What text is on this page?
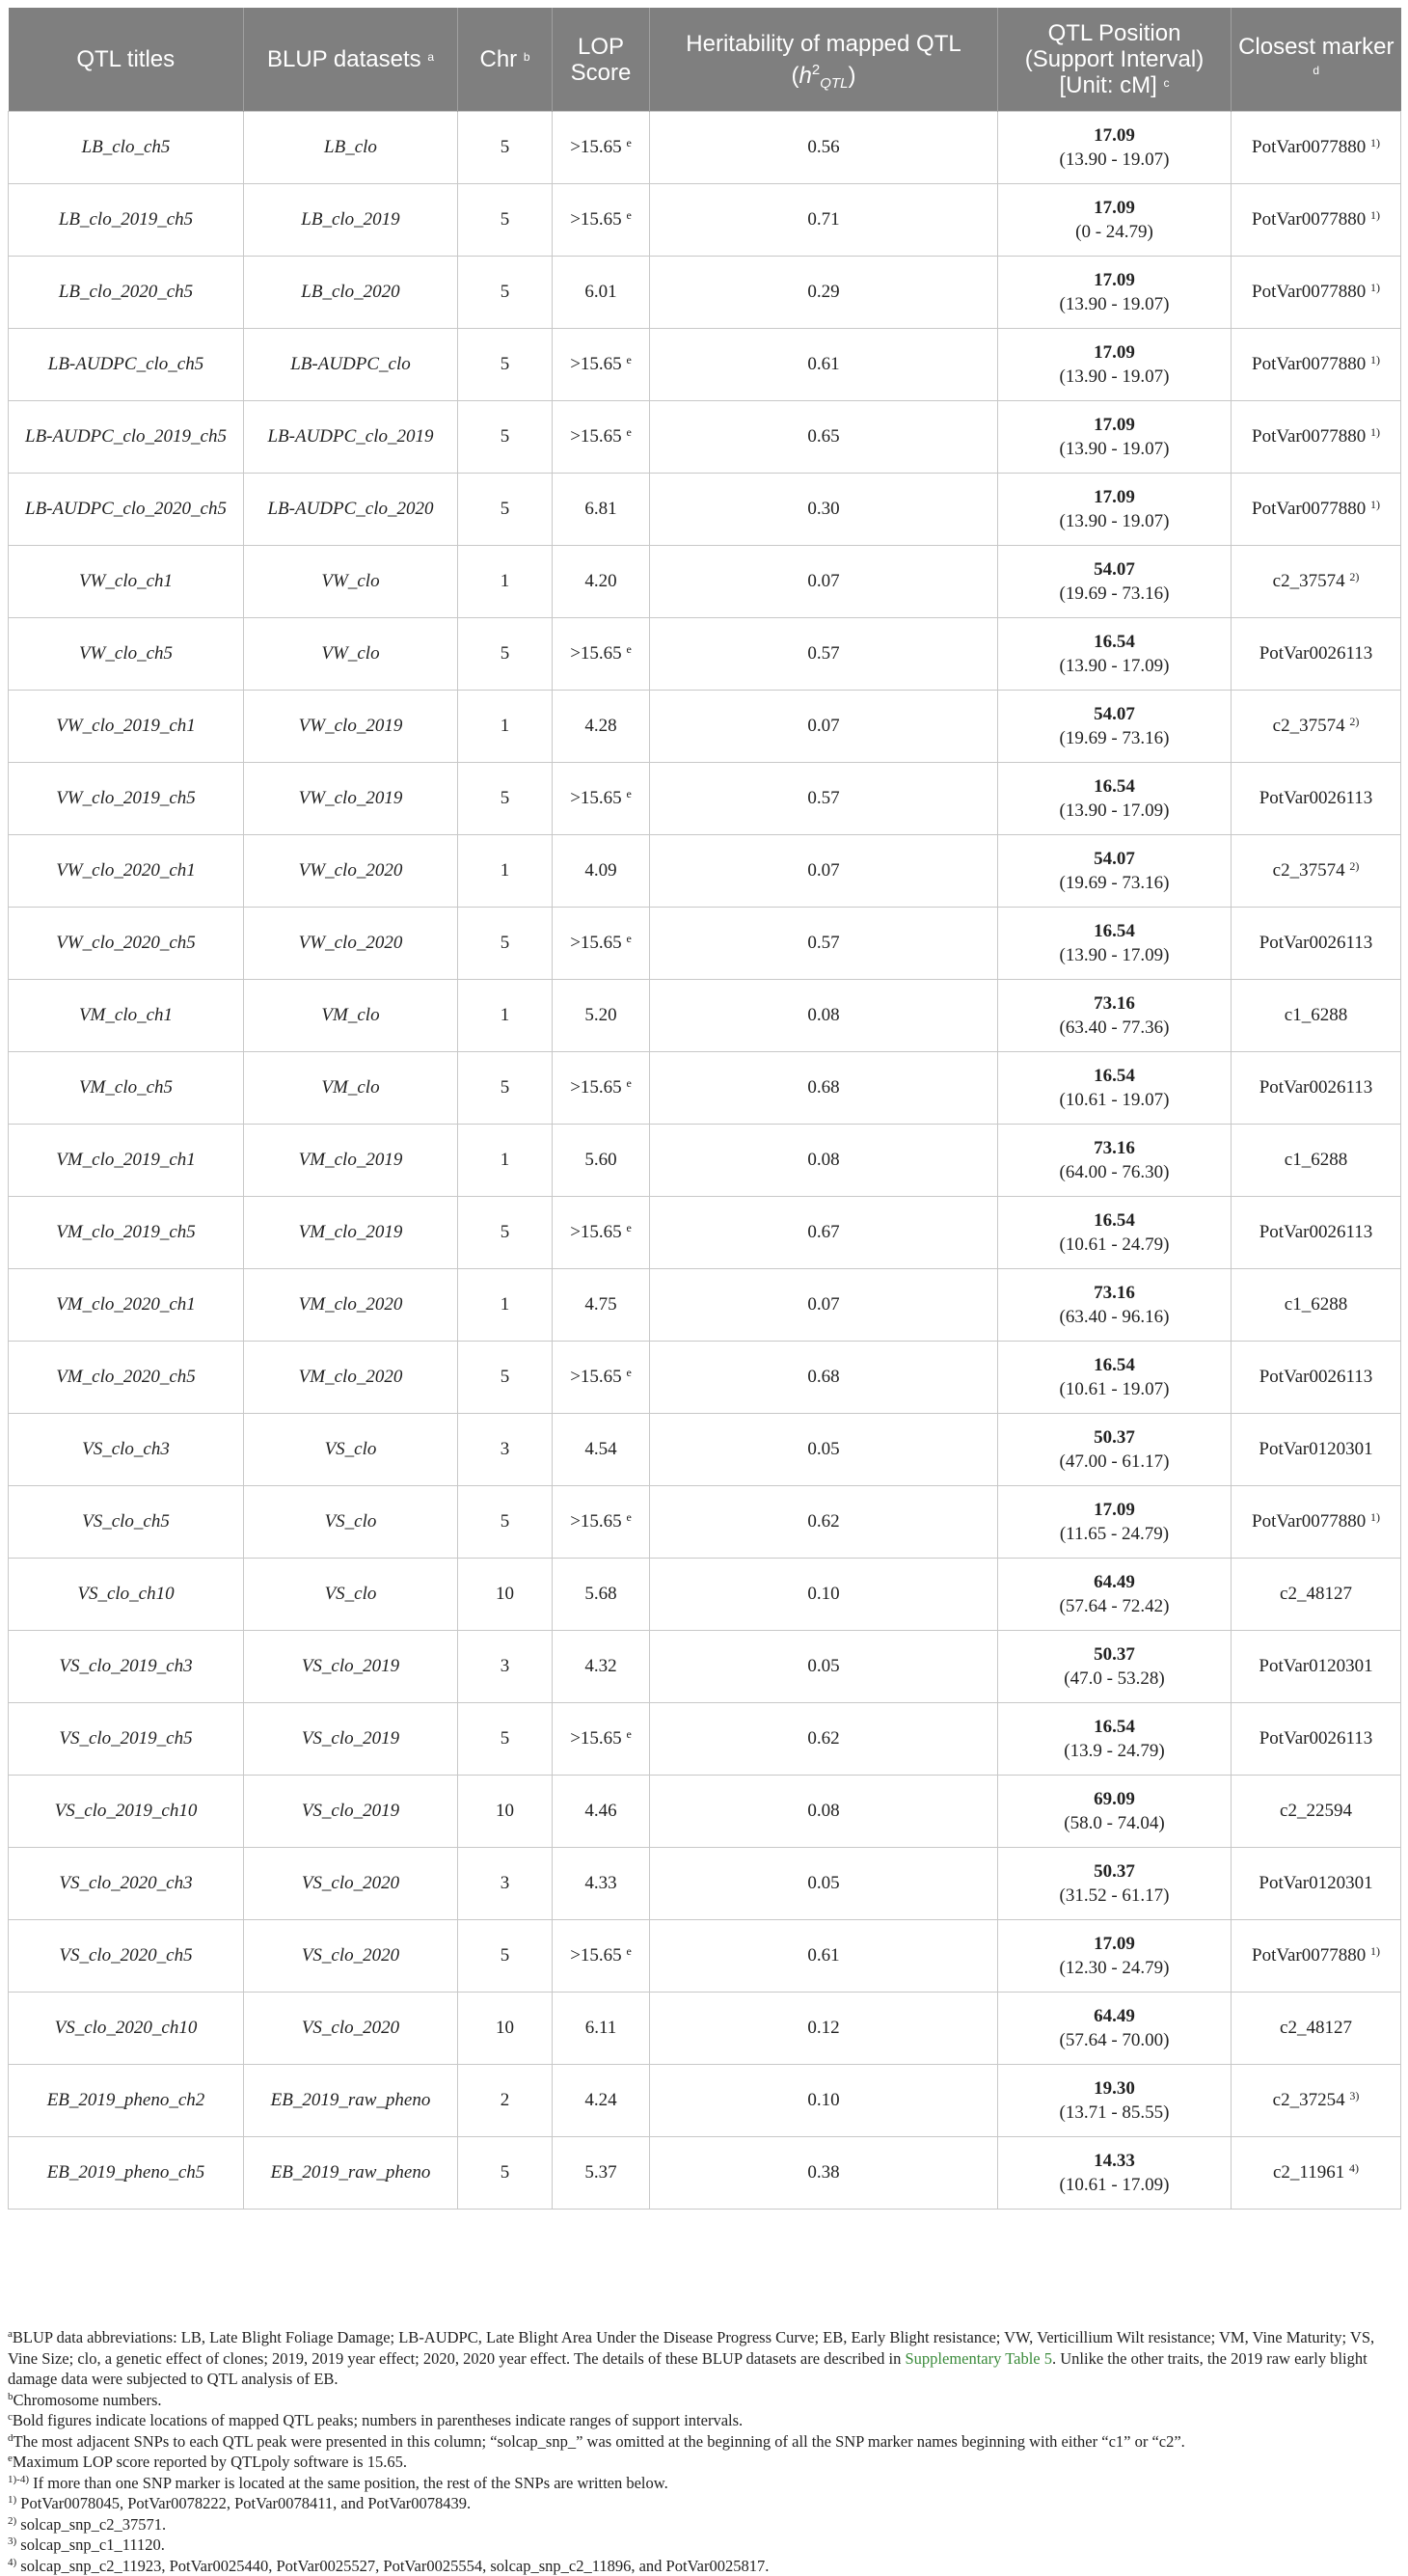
QTL titles	BLUP datasets $^a$	Chr $^b$	LOP Score	Heritability of mapped QTL
$(h^2_{QTL})$	QTL Position
(Support Interval)
[Unit: cM] $^c$	Closest marker $^d$
LB_clo_ch5	LB_clo	5	>15.65 $^e$	0.56	17.09
(13.90 - 19.07)	PotVar0077880 $^{1)}$
LB_clo_2019_ch5	LB_clo_2019	5	>15.65 $^e$	0.71	17.09
(0 - 24.79)	PotVar0077880 $^{1)}$
LB_clo_2020_ch5	LB_clo_2020	5	6.01	0.29	17.09
(13.90 - 19.07)	PotVar0077880 $^{1)}$
LB-AUDPC_clo_ch5	LB-AUDPC_clo	5	>15.65 $^e$	0.61	17.09
(13.90 - 19.07)	PotVar0077880 $^{1)}$
LB-AUDPC_clo_2019_ch5	LB-AUDPC_clo_2019	5	>15.65 $^e$	0.65	17.09
(13.90 - 19.07)	PotVar0077880 $^{1)}$
LB-AUDPC_clo_2020_ch5	LB-AUDPC_clo_2020	5	6.81	0.30	17.09
(13.90 - 19.07)	PotVar0077880 $^{1)}$
VW_clo_ch1	VW_clo	1	4.20	0.07	54.07
(19.69 - 73.16)	c2_37574 $^{2)}$
VW_clo_ch5	VW_clo	5	>15.65 $^e$	0.57	16.54
(13.90 - 17.09)	PotVar0026113
VW_clo_2019_ch1	VW_clo_2019	1	4.28	0.07	54.07
(19.69 - 73.16)	c2_37574 $^{2)}$
VW_clo_2019_ch5	VW_clo_2019	5	>15.65 $^e$	0.57	16.54
(13.90 - 17.09)	PotVar0026113
VW_clo_2020_ch1	VW_clo_2020	1	4.09	0.07	54.07
(19.69 - 73.16)	c2_37574 $^{2)}$
VW_clo_2020_ch5	VW_clo_2020	5	>15.65 $^e$	0.57	16.54
(13.90 - 17.09)	PotVar0026113
VM_clo_ch1	VM_clo	1	5.20	0.08	73.16
(63.40 - 77.36)	c1_6288
VM_clo_ch5	VM_clo	5	>15.65 $^e$	0.68	16.54
(10.61 - 19.07)	PotVar0026113
VM_clo_2019_ch1	VM_clo_2019	1	5.60	0.08	73.16
(64.00 - 76.30)	c1_6288
VM_clo_2019_ch5	VM_clo_2019	5	>15.65 $^e$	0.67	16.54
(10.61 - 24.79)	PotVar0026113
VM_clo_2020_ch1	VM_clo_2020	1	4.75	0.07	73.16
(63.40 - 96.16)	c1_6288
VM_clo_2020_ch5	VM_clo_2020	5	>15.65 $^e$	0.68	16.54
(10.61 - 19.07)	PotVar0026113
VS_clo_ch3	VS_clo	3	4.54	0.05	50.37
(47.00 - 61.17)	PotVar0120301
VS_clo_ch5	VS_clo	5	>15.65 $^e$	0.62	17.09
(11.65 - 24.79)	PotVar0077880 $^{1)}$
VS_clo_ch10	VS_clo	10	5.68	0.10	64.49
(57.64 - 72.42)	c2_48127
VS_clo_2019_ch3	VS_clo_2019	3	4.32	0.05	50.37
(47.0 - 53.28)	PotVar0120301
VS_clo_2019_ch5	VS_clo_2019	5	>15.65 $^e$	0.62	16.54
(13.9 - 24.79)	PotVar0026113
VS_clo_2019_ch10	VS_clo_2019	10	4.46	0.08	69.09
(58.0 - 74.04)	c2_22594
VS_clo_2020_ch3	VS_clo_2020	3	4.33	0.05	50.37
(31.52 - 61.17)	PotVar0120301
VS_clo_2020_ch5	VS_clo_2020	5	>15.65 $^e$	0.61	17.09
(12.30 - 24.79)	PotVar0077880 $^{1)}$
VS_clo_2020_ch10	VS_clo_2020	10	6.11	0.12	64.49
(57.64 - 70.00)	c2_48127
EB_2019_pheno_ch2	EB_2019_raw_pheno	2	4.24	0.10	19.30
(13.71 - 85.55)	c2_37254 $^{3)}$
EB_2019_pheno_ch5	EB_2019_raw_pheno	5	5.37	0.38	14.33
(10.61 - 17.09)	c2_11961 $^{4)}$

$^a$BLUP data abbreviations: LB, Late Blight Foliage Damage; LB-AUDPC, Late Blight Area Under the Disease Progress Curve; EB, Early Blight resistance; VW, Verticillium Wilt resistance; VM, Vine Maturity; VS, Vine Size; clo, a genetic effect of clones; 2019, 2019 year effect; 2020, 2020 year effect. The details of these BLUP datasets are described in Supplementary Table 5. Unlike the other traits, the 2019 raw early blight damage data were subjected to QTL analysis of EB.

$^b$Chromosome numbers.

$^c$Bold figures indicate locations of mapped QTL peaks; numbers in parentheses indicate ranges of support intervals.

$^d$The most adjacent SNPs to each QTL peak were presented in this column; “solcap_snp_” was omitted at the beginning of all the SNP marker names beginning with either “c1” or “c2”.

$^e$Maximum LOP score reported by QTLpoly software is 15.65.

$^{1)-4)}$ If more than one SNP marker is located at the same position, the rest of the SNPs are written below.

$^{1)}$ PotVar0078045, PotVar0078222, PotVar0078411, and PotVar0078439.

$^{2)}$ solcap_snp_c2_37571.

$^{3)}$ solcap_snp_c1_11120.

$^{4)}$ solcap_snp_c2_11923, PotVar0025440, PotVar0025527, PotVar0025554, solcap_snp_c2_11896, and PotVar0025817.
